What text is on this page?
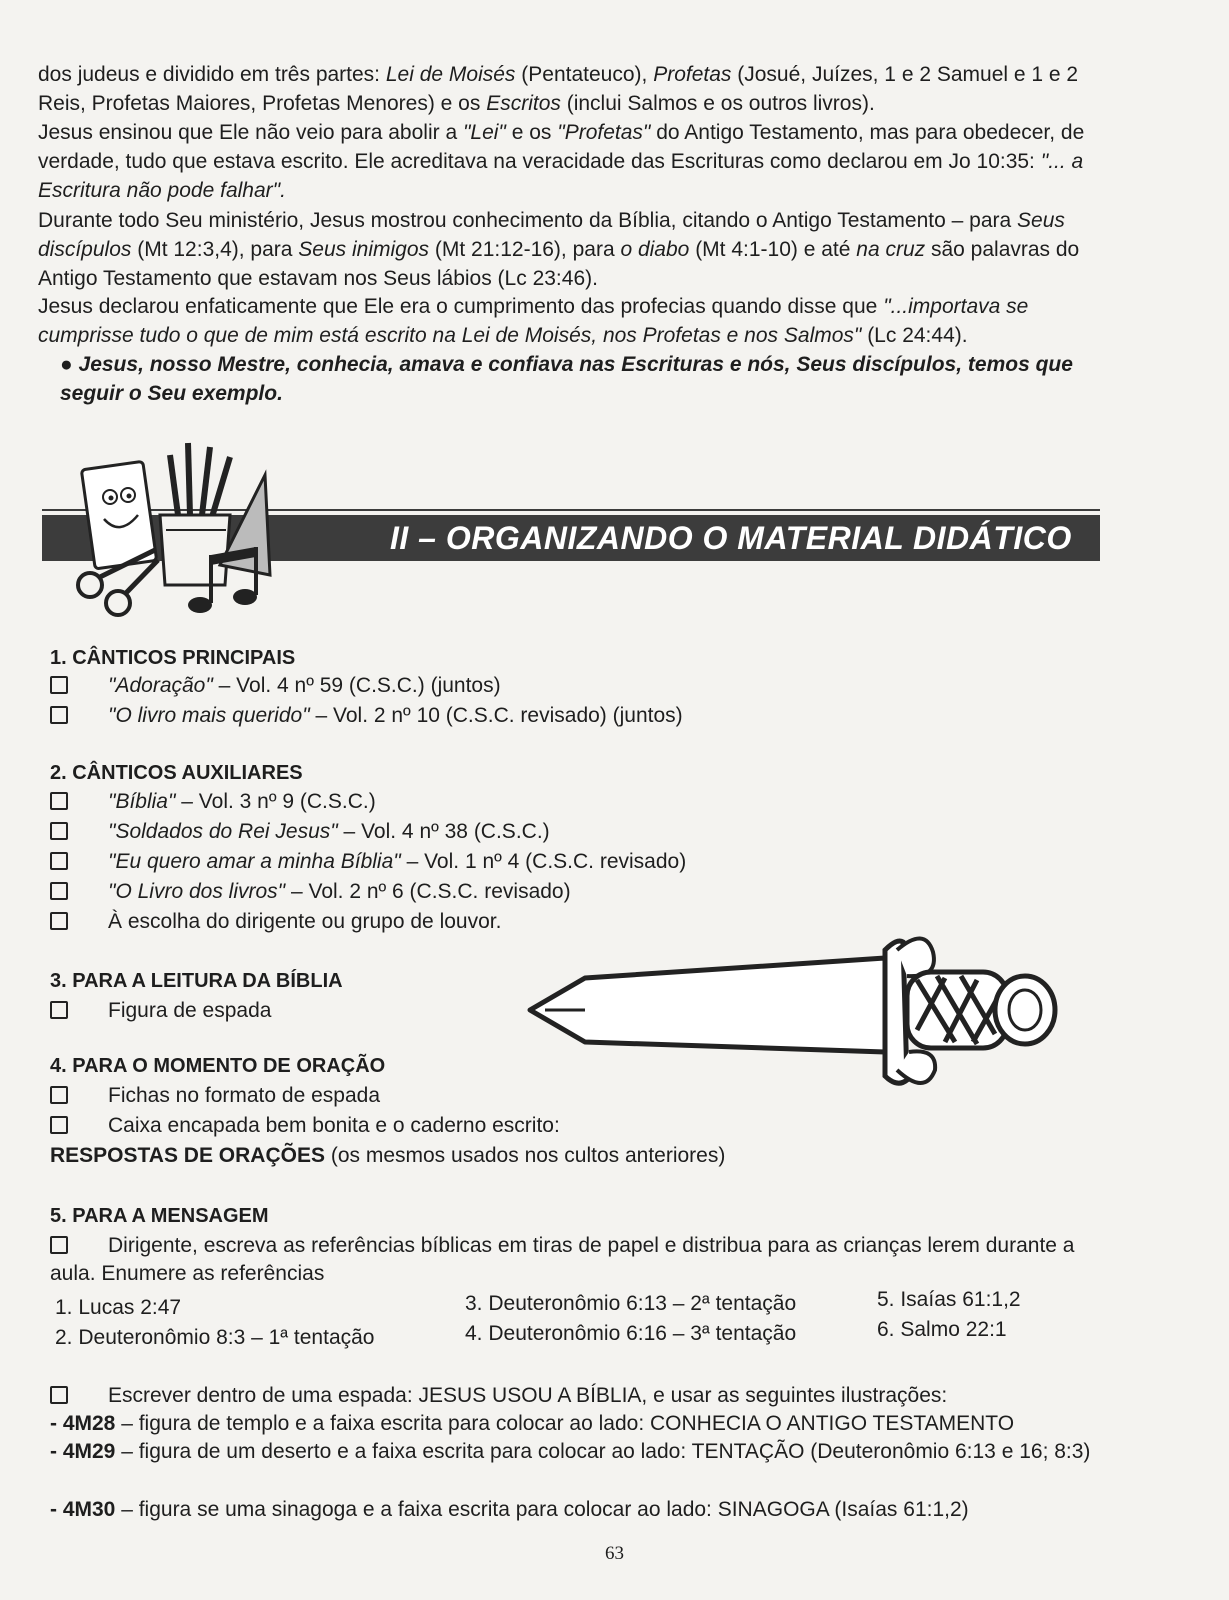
dos judeus e dividido em três partes: Lei de Moisés (Pentateuco), Profetas (Josué, Juízes, 1 e 2 Samuel e 1 e 2 Reis, Profetas Maiores, Profetas Menores) e os Escritos (inclui Salmos e os outros livros).

Jesus ensinou que Ele não veio para abolir a "Lei" e os "Profetas" do Antigo Testamento, mas para obedecer, de verdade, tudo que estava escrito. Ele acreditava na veracidade das Escrituras como declarou em Jo 10:35: "... a Escritura não pode falhar".

Durante todo Seu ministério, Jesus mostrou conhecimento da Bíblia, citando o Antigo Testamento – para Seus discípulos (Mt 12:3,4), para Seus inimigos (Mt 21:12-16), para o diabo (Mt 4:1-10) e até na cruz são palavras do Antigo Testamento que estavam nos Seus lábios (Lc 23:46).

Jesus declarou enfaticamente que Ele era o cumprimento das profecias quando disse que "...importava se cumprisse tudo o que de mim está escrito na Lei de Moisés, nos Profetas e nos Salmos" (Lc 24:44).

● Jesus, nosso Mestre, conhecia, amava e confiava nas Escrituras e nós, Seus discípulos, temos que seguir o Seu exemplo.

II – ORGANIZANDO O MATERIAL DIDÁTICO
1. CÂNTICOS PRINCIPAIS
"Adoração" – Vol. 4 nº 59 (C.S.C.) (juntos)
"O livro mais querido" – Vol. 2 nº 10 (C.S.C. revisado) (juntos)
2. CÂNTICOS AUXILIARES
"Bíblia" – Vol. 3 nº 9 (C.S.C.)
"Soldados do Rei Jesus" – Vol. 4 nº 38 (C.S.C.)
"Eu quero amar a minha Bíblia" – Vol. 1 nº 4 (C.S.C. revisado)
"O Livro dos livros" – Vol. 2 nº 6 (C.S.C. revisado)
À escolha do dirigente ou grupo de louvor.
3. PARA A LEITURA DA BÍBLIA
Figura de espada
4. PARA O MOMENTO DE ORAÇÃO
Fichas no formato de espada
Caixa encapada bem bonita e o caderno escrito:
RESPOSTAS DE ORAÇÕES (os mesmos usados nos cultos anteriores)
5. PARA A MENSAGEM
Dirigente, escreva as referências bíblicas em tiras de papel e distribua para as crianças lerem durante a aula. Enumere as referências
1. Lucas 2:47
2. Deuteronômio 8:3 – 1ª tentação
3. Deuteronômio 6:13 – 2ª tentação
4. Deuteronômio 6:16 – 3ª tentação
5. Isaías 61:1,2
6. Salmo 22:1
Escrever dentro de uma espada: JESUS USOU A BÍBLIA, e usar as seguintes ilustrações:
- 4M28 – figura de templo e a faixa escrita para colocar ao lado: CONHECIA O ANTIGO TESTAMENTO
- 4M29 – figura de um deserto e a faixa escrita para colocar ao lado: TENTAÇÃO (Deuteronômio 6:13 e 16; 8:3)
- 4M30 – figura se uma sinagoga e a faixa escrita para colocar ao lado: SINAGOGA (Isaías 61:1,2)
63
